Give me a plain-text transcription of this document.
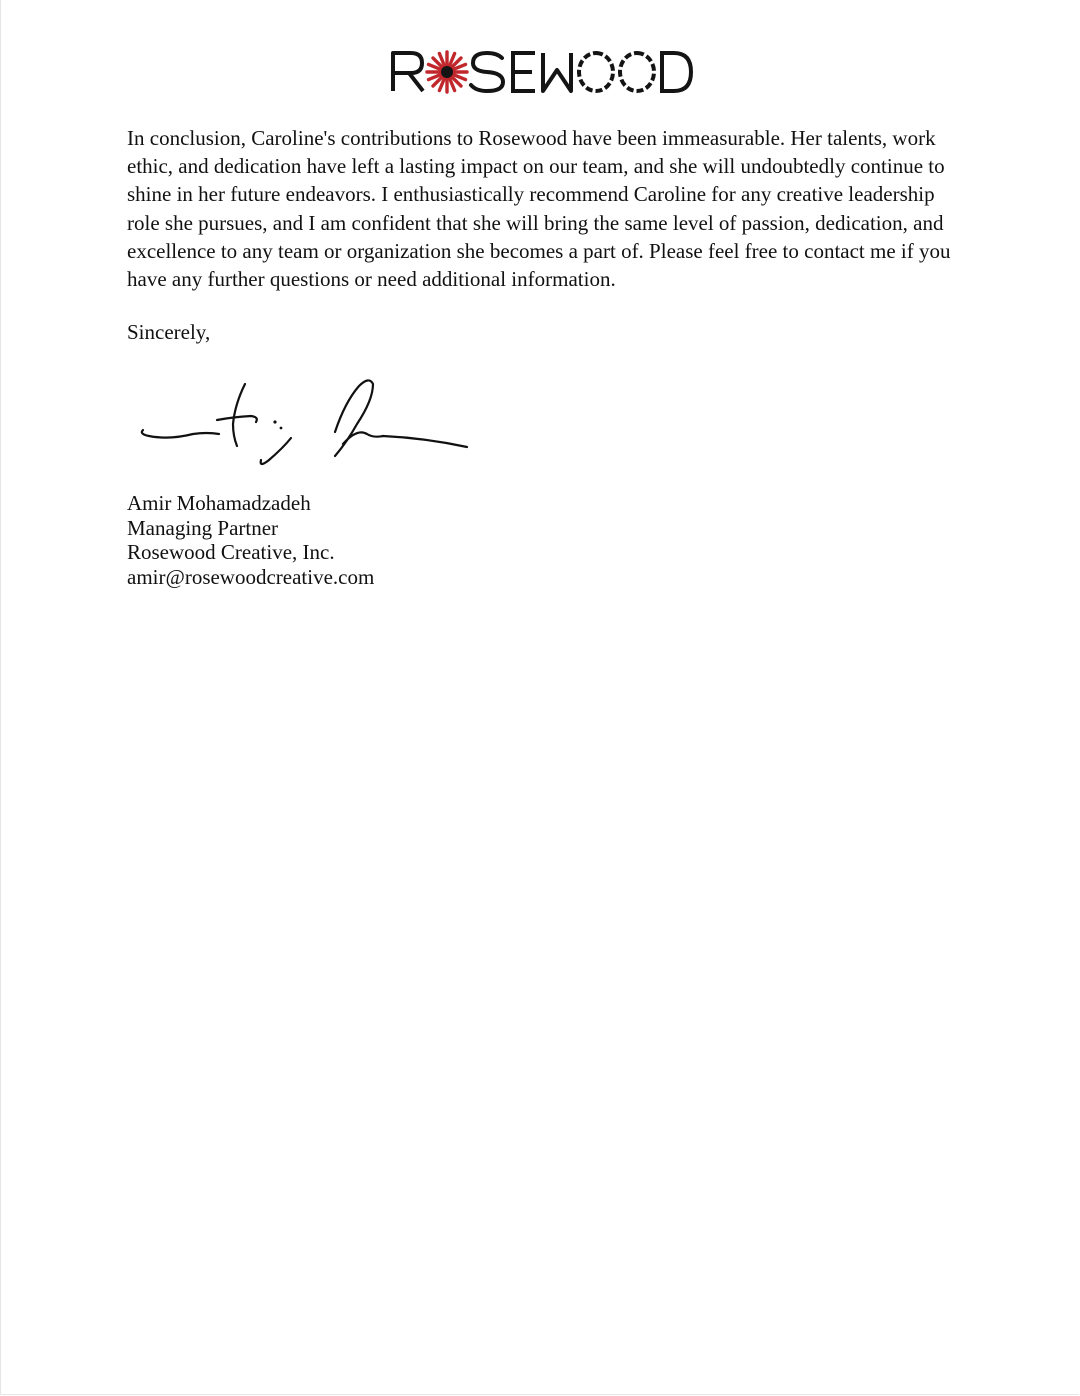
In conclusion, Caroline's contributions to Rosewood have been immeasurable. Her talents, work ethic, and dedication have left a lasting impact on our team, and she will undoubtedly continue to shine in her future endeavors. I enthusiastically recommend Caroline for any creative leadership role she pursues, and I am confident that she will bring the same level of passion, dedication, and excellence to any team or organization she becomes a part of. Please feel free to contact me if you have any further questions or need additional information.

Sincerely,

Amir Mohamadzadeh
Managing Partner
Rosewood Creative, Inc.
amir@rosewoodcreative.com
